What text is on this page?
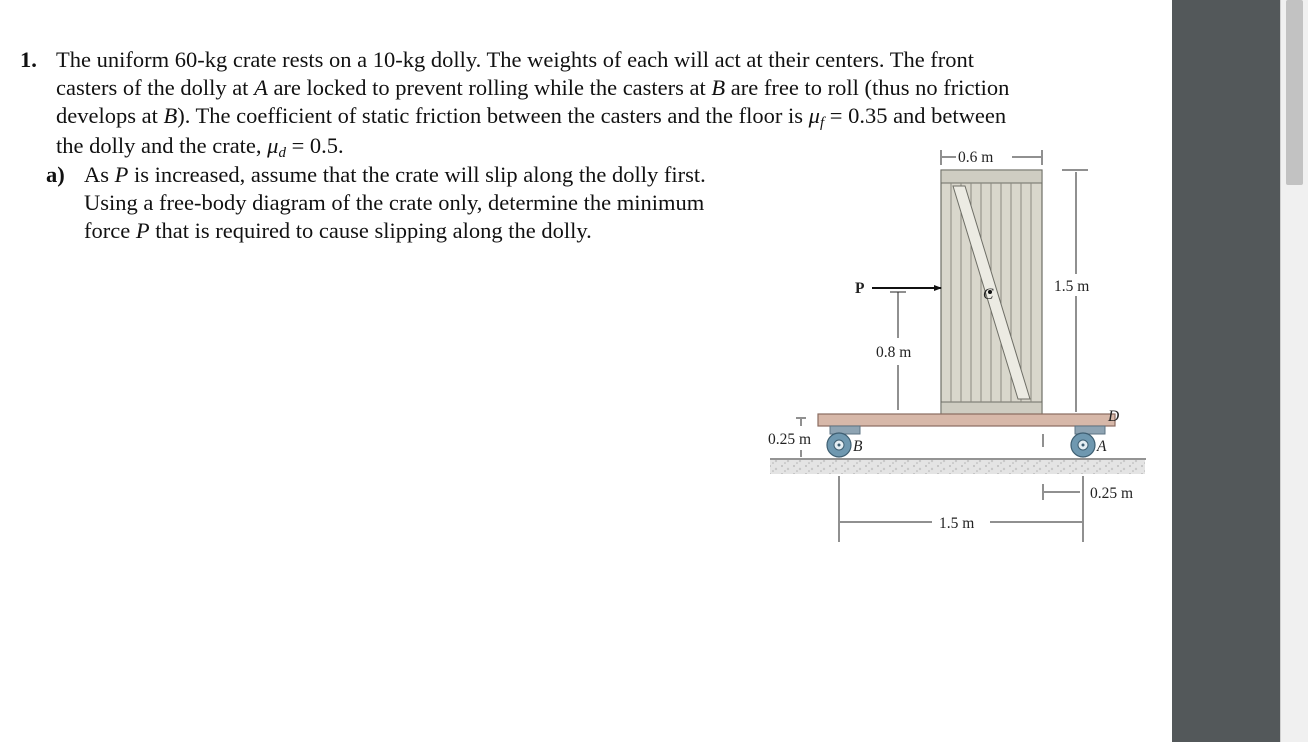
1. The uniform 60-kg crate rests on a 10-kg dolly. The weights of each will act at their centers. The front
casters of the dolly at A are locked to prevent rolling while the casters at B are free to roll (thus no friction
develops at B). The coefficient of static friction between the casters and the floor is μf = 0.35 and between
the dolly and the crate, μd = 0.5.
a) As P is increased, assume that the crate will slip along the dolly first.
Using a free-body diagram of the crate only, determine the minimum
force P that is required to cause slipping along the dolly.
C
P
0.8 m
0.6 m
1.5 m
D
A
B
0.25 m
0.25 m
1.5 m
